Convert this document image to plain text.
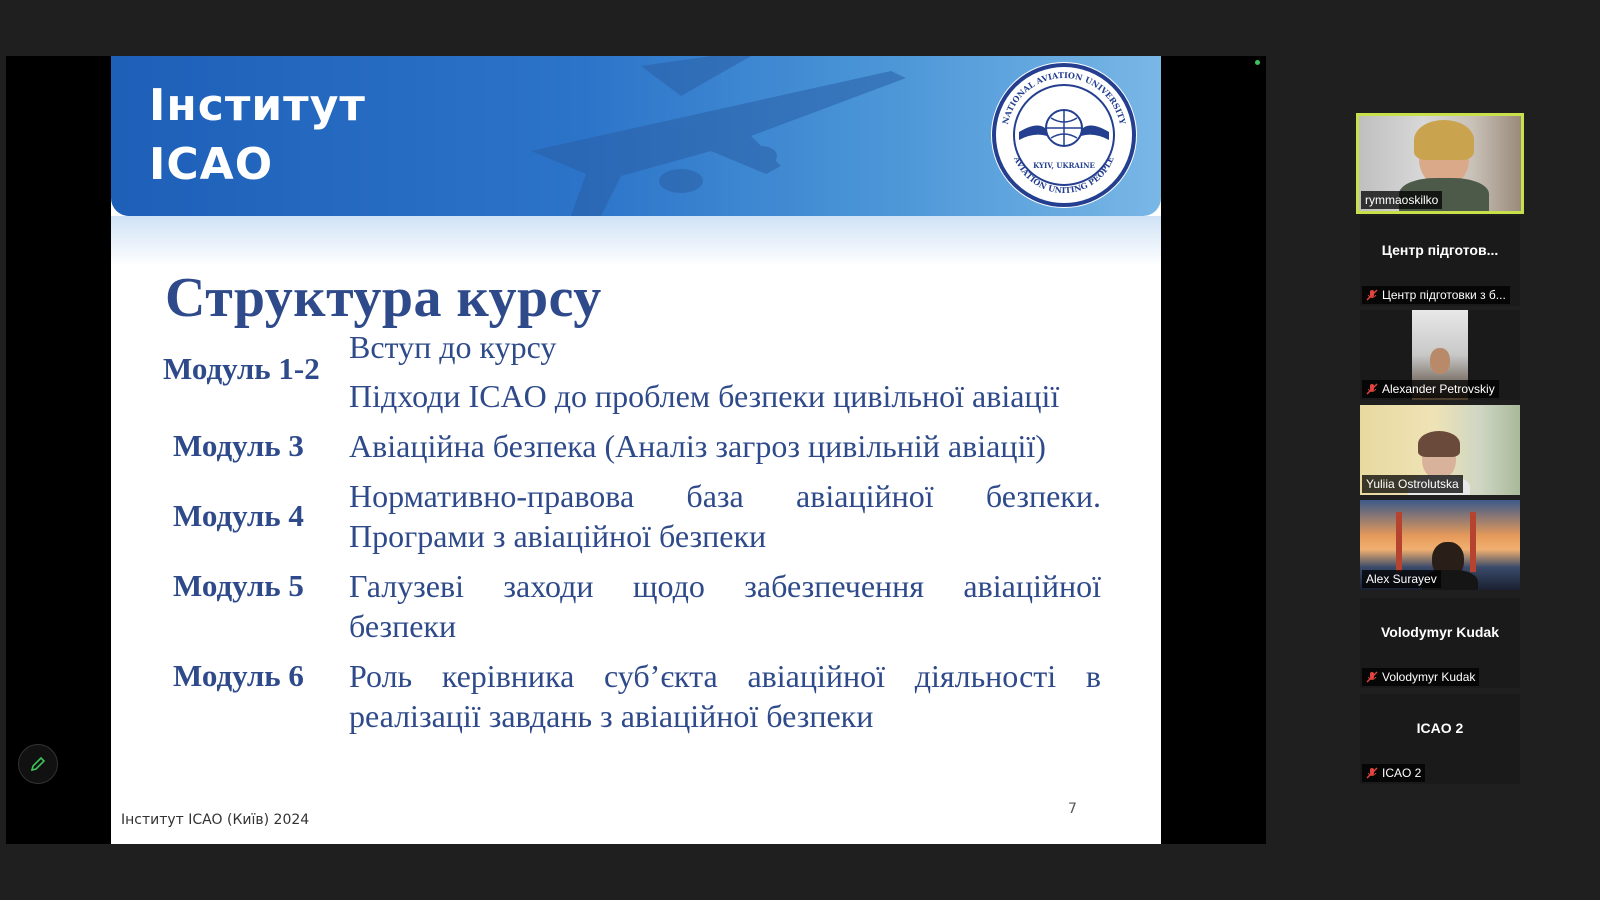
Інститут
ICAO
NATIONAL AVIATION UNIVERSITY
AVIATION UNITING PEOPLE
KYIV, UKRAINE
Структура курсу
Модуль 1-2
Вступ до курсу
Підходи ICAO до проблем безпеки цивільної авіації
Модуль 3 Авіаційна безпека (Аналіз загроз цивільній авіації)
Модуль 4
Нормативно-правова база авіаційної безпеки.
Програми з авіаційної безпеки
Модуль 5 Галузеві заходи щодо забезпечення авіаційної
безпеки
Модуль 6 Роль керівника суб’єкта авіаційної діяльності в
реалізації завдань з авіаційної безпеки
7
Інститут ICAO (Київ) 2024
rymmaoskilko
Центр підготов...
Центр підготовки з б...
Alexander Petrovskiy
Yuliia Ostrolutska
Alex Surayev
Volodymyr Kudak
Volodymyr Kudak
ICAO 2
ICAO 2
